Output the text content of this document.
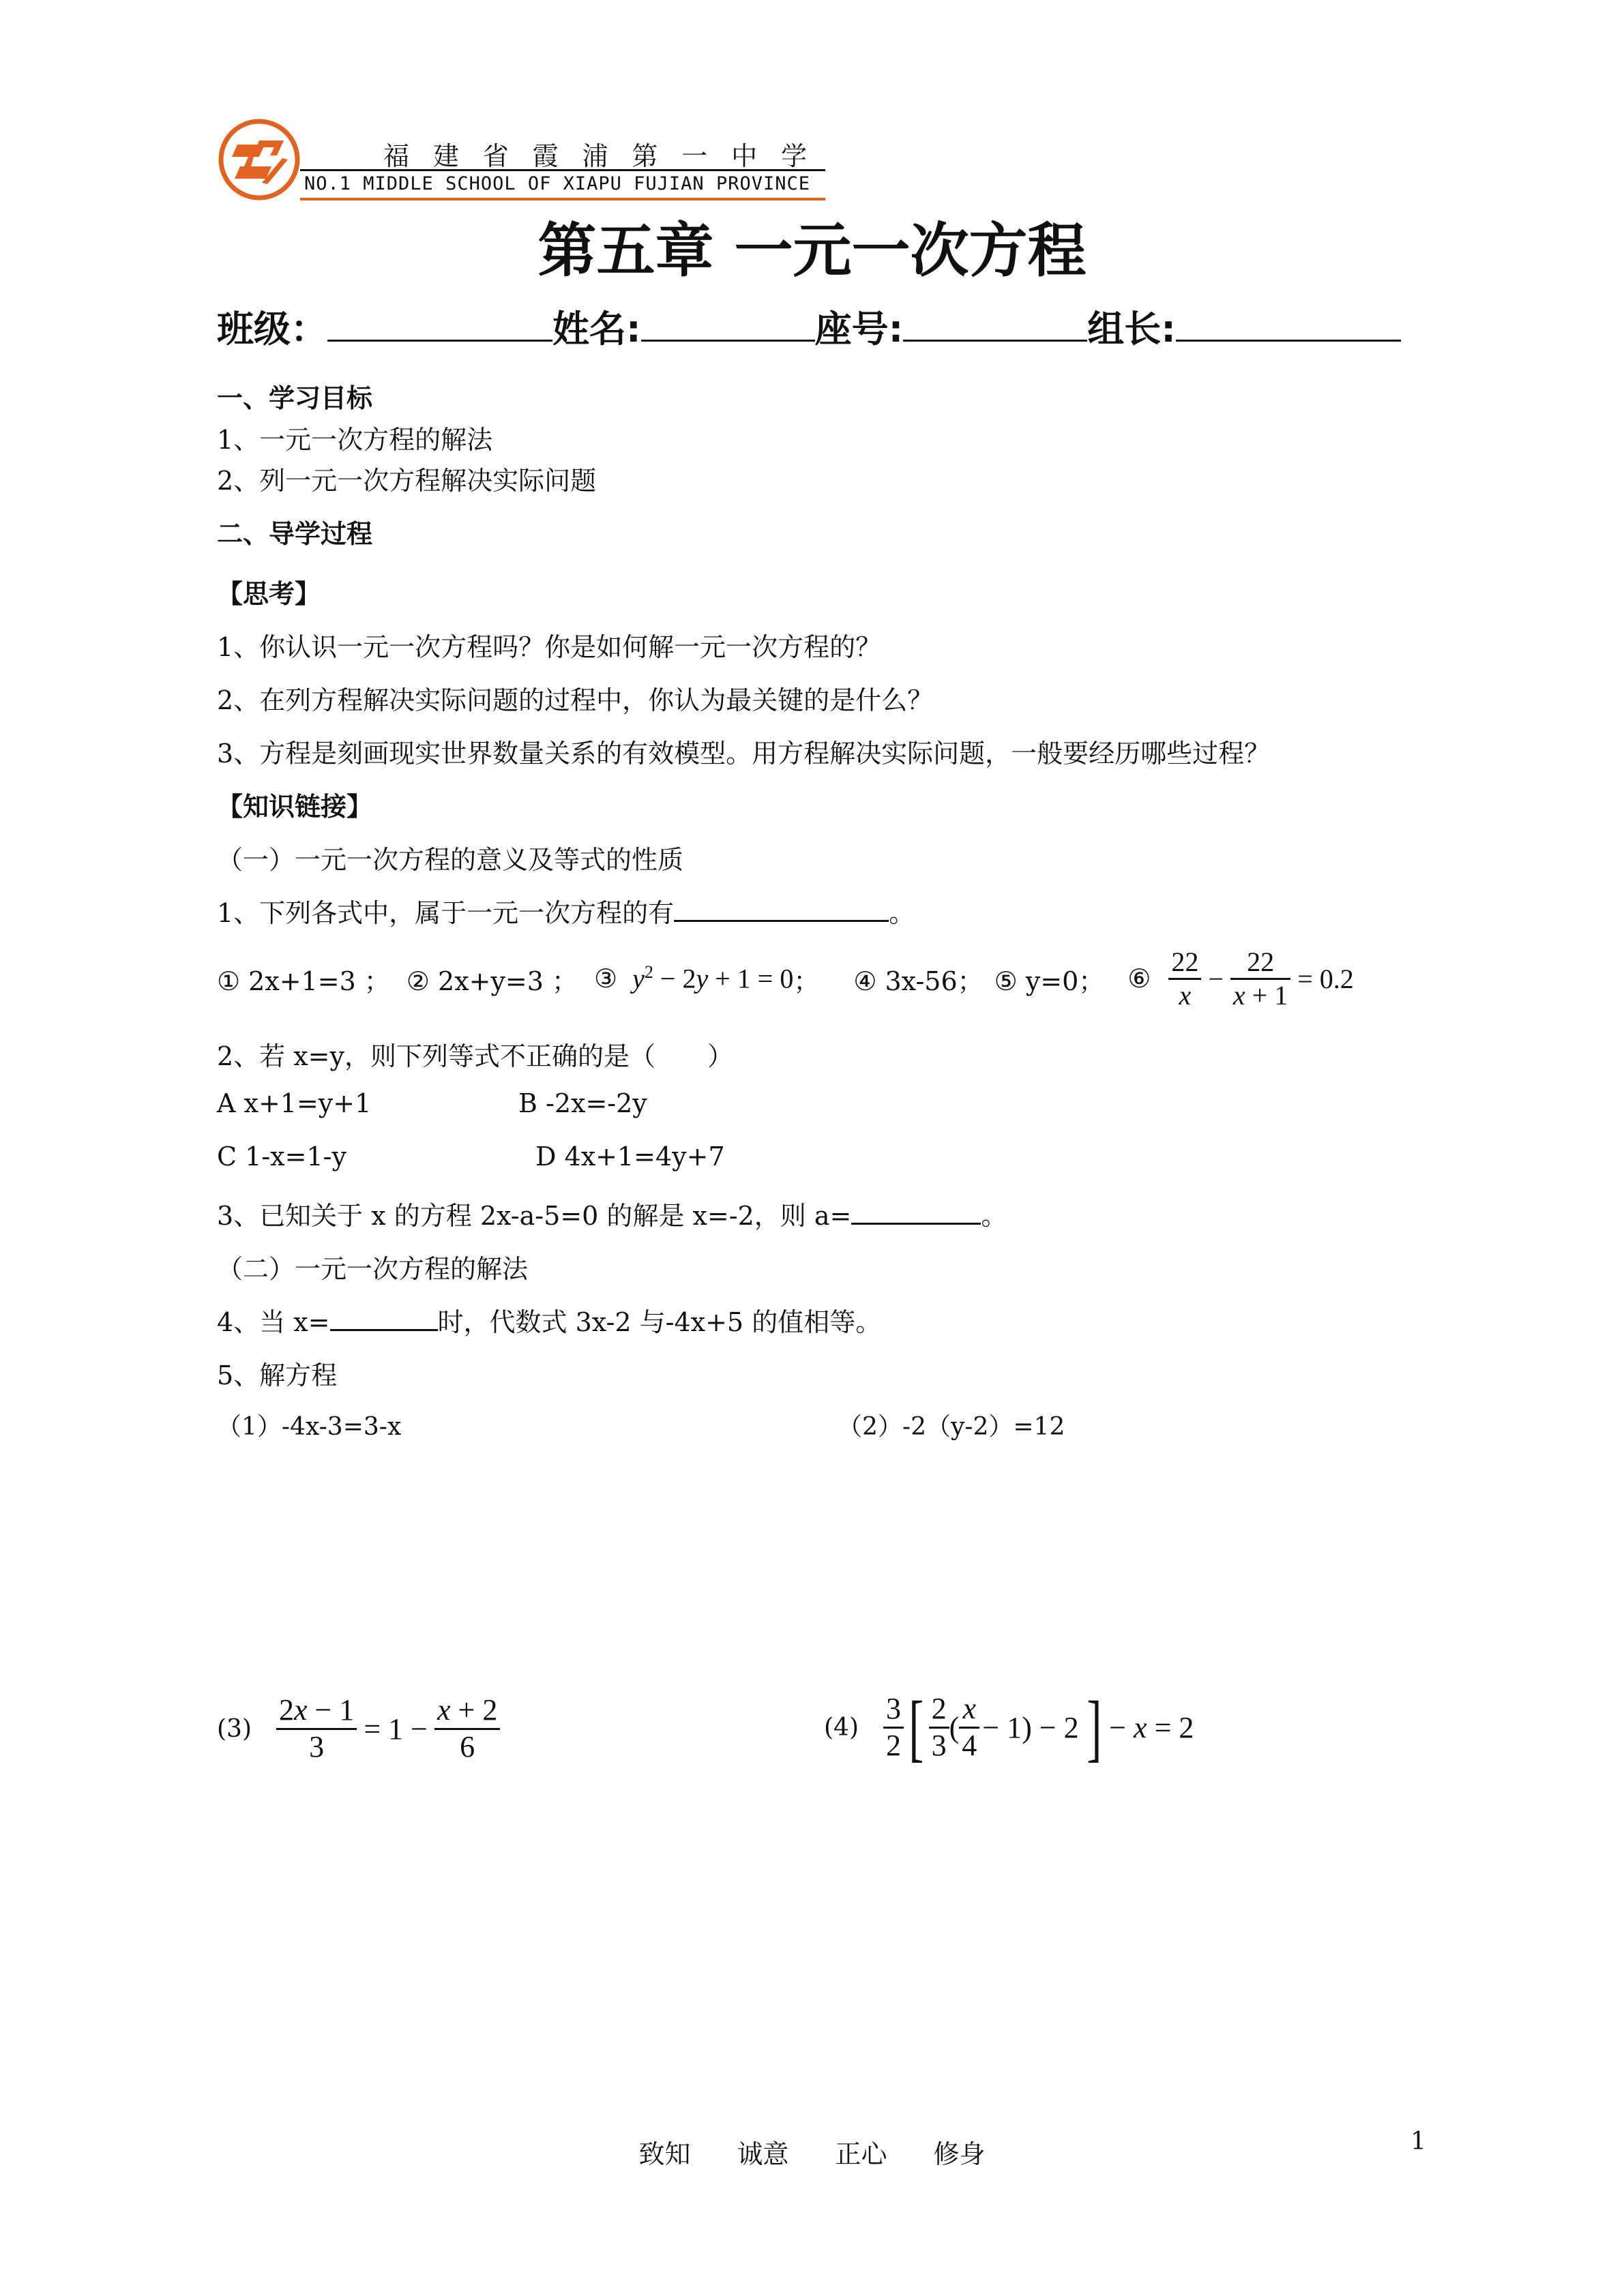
福 建 省 霞 浦 第 一 中 学
NO.1 MIDDLE SCHOOL OF XIAPU FUJIAN PROVINCE
第五章 一元一次方程
班级：	姓名:	座号:	组长:
一、学习目标
1、一元一次方程的解法
2、列一元一次方程解决实际问题
二、导学过程
【思考】
1、你认识一元一次方程吗？你是如何解一元一次方程的？
2、在列方程解决实际问题的过程中，你认为最关键的是什么？
3、方程是刻画现实世界数量关系的有效模型。用方程解决实际问题，一般要经历哪些过程？
【知识链接】
（一）一元一次方程的意义及等式的性质
1、下列各式中，属于一元一次方程的有	。
① 2x+1=3 ； ② 2x+y=3 ； ③ $y^2 - 2y + 1 = 0$ ； ④ 3x-56； ⑤ y=0； ⑥ $\frac{22}{x} - \frac{22}{x + 1} = 0.2$
2、若 x=y，则下列等式不正确的是（　　）
A x+1=y+1	B -2x=-2y
C 1-x=1-y	D 4x+1=4y+7
3、已知关于 x 的方程 2x-a-5=0 的解是 x=-2，则 a=	。
（二）一元一次方程的解法
4、当 x=	时，代数式 3x-2 与-4x+5 的值相等。
5、解方程
（1）-4x-3=3-x	（2）-2（y-2）=12
$(3) \frac{2x - 1}{3} = 1 - \frac{x + 2}{6}$	$(4) \frac{3}{2}$ [ $\frac{2}{3}$ ( $\frac{x}{4} - 1) - 2$ ] − x = 2
致知 诚意 正心 修身	1
